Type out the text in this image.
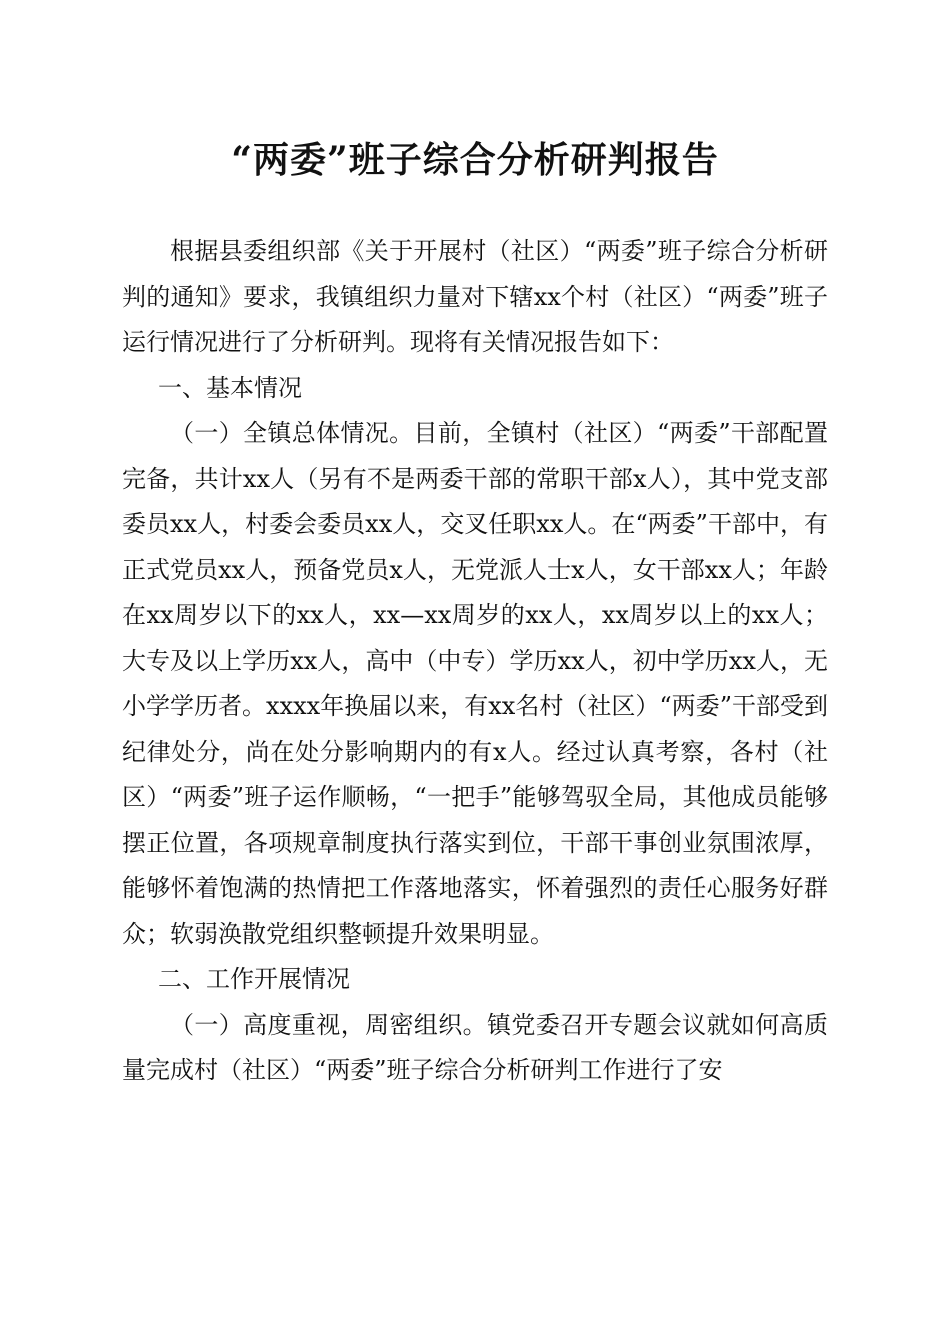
“两委”班子综合分析研判报告

根据县委组织部《关于开展村（社区）“两委”班子综合分析研判的通知》要求，我镇组织力量对下辖xx个村（社区）“两委”班子运行情况进行了分析研判。现将有关情况报告如下：

一、基本情况

（一）全镇总体情况。目前，全镇村（社区）“两委”干部配置完备，共计xx人（另有不是两委干部的常职干部x人），其中党支部委员xx人，村委会委员xx人，交叉任职xx人。在“两委”干部中，有正式党员xx人，预备党员x人，无党派人士x人，女干部xx人；年龄在xx周岁以下的xx人，xx—xx周岁的xx人，xx周岁以上的xx人；大专及以上学历xx人，高中（中专）学历xx人，初中学历xx人，无小学学历者。xxxx年换届以来，有xx名村（社区）“两委”干部受到纪律处分，尚在处分影响期内的有x人。经过认真考察，各村（社区）“两委”班子运作顺畅，“一把手”能够驾驭全局，其他成员能够摆正位置，各项规章制度执行落实到位，干部干事创业氛围浓厚，能够怀着饱满的热情把工作落地落实，怀着强烈的责任心服务好群众；软弱涣散党组织整顿提升效果明显。

二、工作开展情况

（一）高度重视，周密组织。镇党委召开专题会议就如何高质量完成村（社区）“两委”班子综合分析研判工作进行了安
